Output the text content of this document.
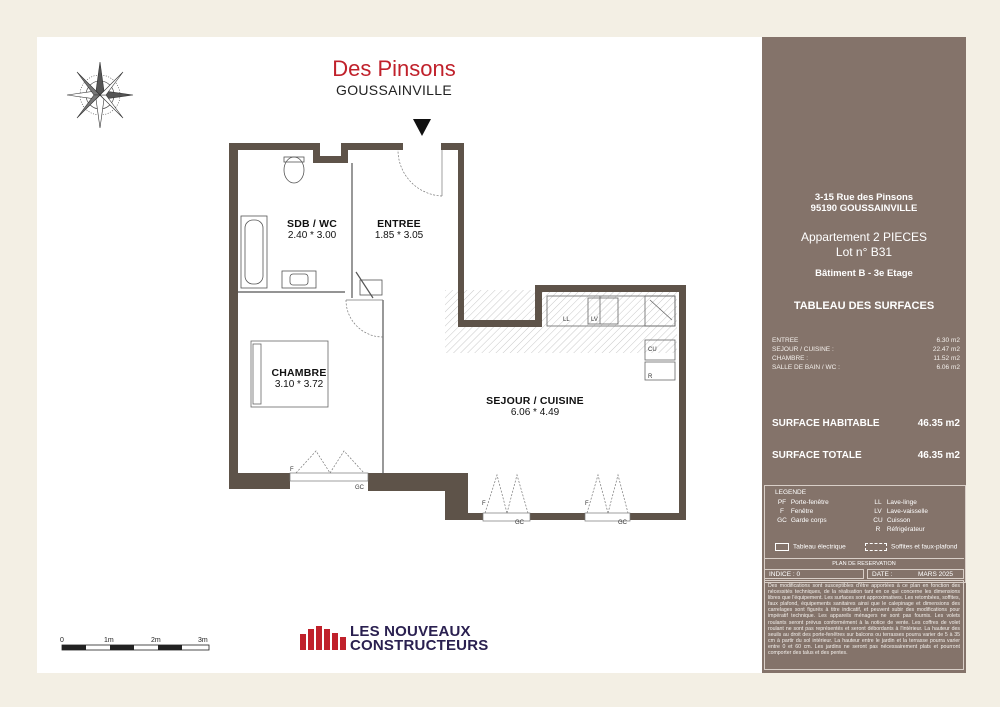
Des Pinsons
GOUSSAINVILLE
LL	LV
CU
R
F
F	F
GC
GC	GC
SDB / WC
2.40 * 3.00
ENTREE
1.85 * 3.05
CHAMBRE
3.10 * 3.72
SEJOUR / CUISINE
6.06 * 4.49
0	1m	2m	3m
LES NOUVEAUX
CONSTRUCTEURS
3-15 Rue des Pinsons
95190 GOUSSAINVILLE
Appartement 2 PIECES
Lot n° B31
Bâtiment B - 3e Etage
TABLEAU DES SURFACES
ENTREE	6.30 m2
SEJOUR / CUISINE :	22.47 m2
CHAMBRE :	11.52 m2
SALLE DE BAIN / WC :	6.06 m2
SURFACE HABITABLE	46.35 m2
SURFACE TOTALE	46.35 m2
LEGENDE
PF Porte-fenêtre
F Fenêtre
GC Garde corps
LL Lave-linge
LV Lave-vaisselle
CU Cuisson
R Réfrigérateur
Tableau électrique	Soffites et faux-plafond
PLAN DE RESERVATION
INDICE : 0	DATE :	MARS 2025
Des modifications sont susceptibles d'être apportées à ce plan en fonction des nécessités techniques, de la réalisation tant en ce qui concerne les dimensions libres que l'équipement. Les surfaces sont approximatives. Les retombées, soffites, faux plafond, équipements sanitaires ainsi que le calepinage et dimensions des carrelages sont figurés à titre indicatif, et peuvent subir des modifications pour impératif technique. Les appareils ménagers ne sont pas fournis. Les volets roulants seront prévus conformément à la notice de vente. Les coffres de volet roulant ne sont pas représentés et seront débordants à l'intérieur. La hauteur des seuils au droit des porte-fenêtres sur balcons ou terrasses pourra varier de 5 à 35 cm à partir du sol intérieur. La hauteur entre le jardin et la terrasse pourra varier entre 0 et 60 cm. Les jardins ne seront pas nécessairement plats et pourront comporter des talus et des pentes.
